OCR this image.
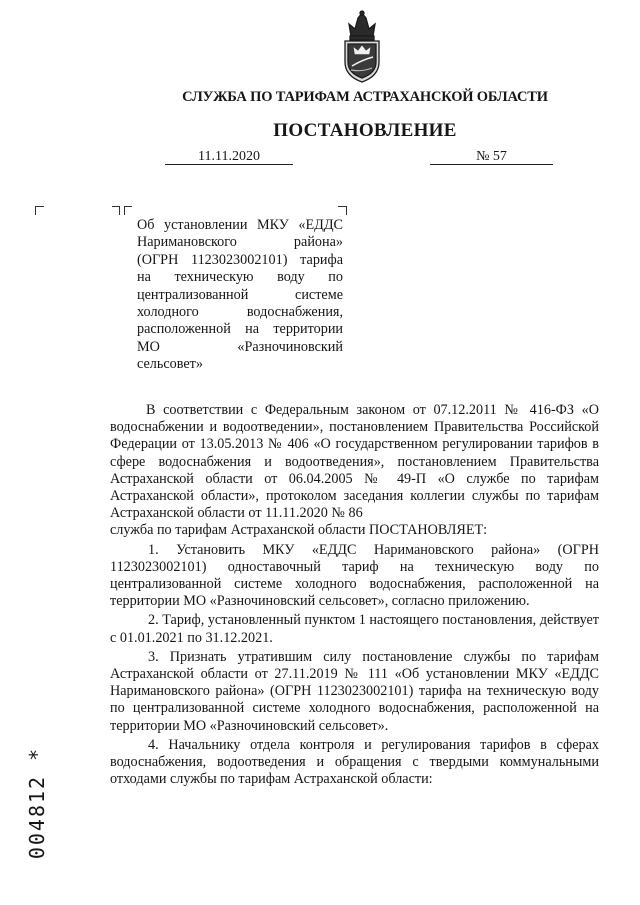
СЛУЖБА ПО ТАРИФАМ АСТРАХАНСКОЙ ОБЛАСТИ
ПОСТАНОВЛЕНИЕ
11.11.2020	№ 57
Об установлении МКУ «ЕДДС
Наримановского района»
(ОГРН 1123023002101) тарифа
на техническую воду по
централизованной системе
холодного водоснабжения,
расположенной на территории
МО «Разночиновский
сельсовет»

В соответствии с Федеральным законом от 07.12.2011 № 416-ФЗ «О водоснабжении и водоотведении», постановлением Правительства Российской Федерации от 13.05.2013 № 406 «О государственном регулировании тарифов в сфере водоснабжения и водоотведения», постановлением Правительства Астраханской области от 06.04.2005 № 49-П «О службе по тарифам Астраханской области», протоколом заседания коллегии службы по тарифам Астраханской области от 11.11.2020 № 86

служба по тарифам Астраханской области ПОСТАНОВЛЯЕТ:

1. Установить МКУ «ЕДДС Наримановского района» (ОГРН 1123023002101) одноставочный тариф на техническую воду по централизованной системе холодного водоснабжения, расположенной на территории МО «Разночиновский сельсовет», согласно приложению.

2. Тариф, установленный пунктом 1 настоящего постановления, действует с 01.01.2021 по 31.12.2021.

3. Признать утратившим силу постановление службы по тарифам Астраханской области от 27.11.2019 № 111 «Об установлении МКУ «ЕДДС Наримановского района» (ОГРН 1123023002101) тарифа на техническую воду по централизованной системе холодного водоснабжения, расположенной на территории МО «Разночиновский сельсовет».

4. Начальнику отдела контроля и регулирования тарифов в сферах водоснабжения, водоотведения и обращения с твердыми коммунальными отходами службы по тарифам Астраханской области:

004812 *
